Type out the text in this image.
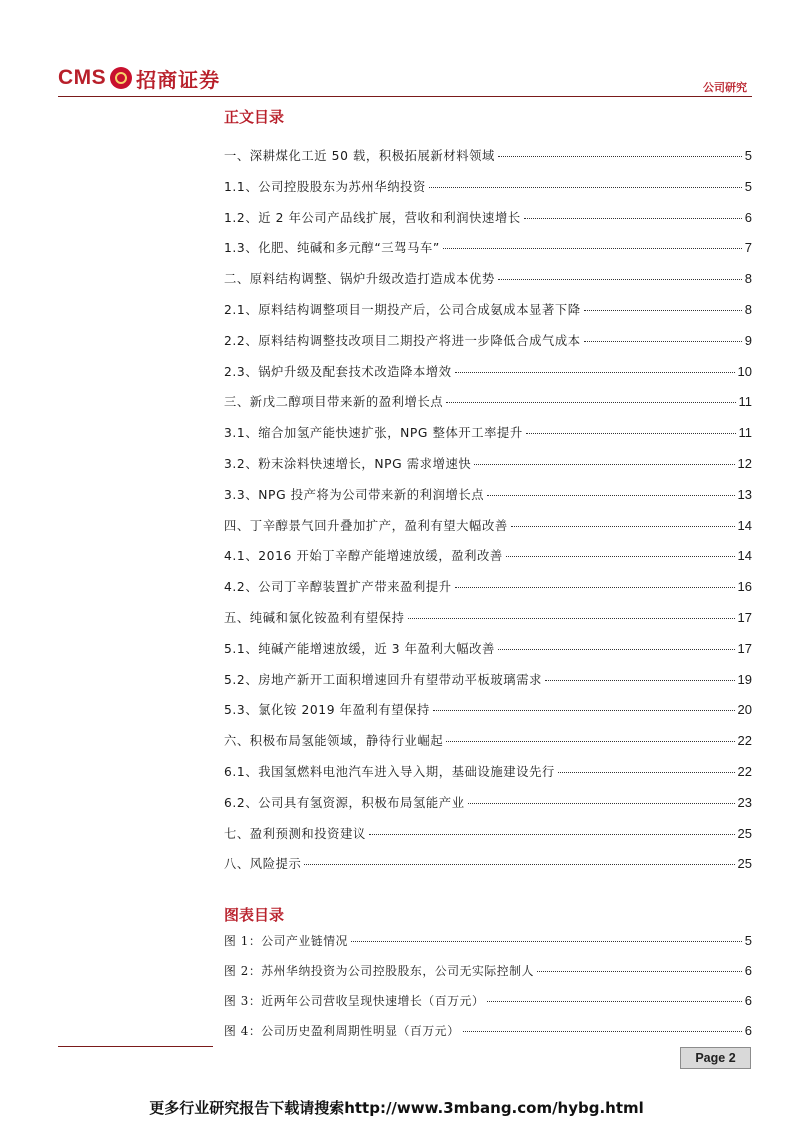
CMS 招商证券	公司研究
正文目录
一、深耕煤化工近 50 载，积极拓展新材料领域	5
1.1、公司控股股东为苏州华纳投资	5
1.2、近 2 年公司产品线扩展，营收和利润快速增长	6
1.3、化肥、纯碱和多元醇“三驾马车”	7
二、原料结构调整、锅炉升级改造打造成本优势	8
2.1、原料结构调整项目一期投产后，公司合成氨成本显著下降	8
2.2、原料结构调整技改项目二期投产将进一步降低合成气成本	9
2.3、锅炉升级及配套技术改造降本增效	10
三、新戊二醇项目带来新的盈利增长点	11
3.1、缩合加氢产能快速扩张，NPG 整体开工率提升	11
3.2、粉末涂料快速增长，NPG 需求增速快	12
3.3、NPG 投产将为公司带来新的利润增长点	13
四、丁辛醇景气回升叠加扩产，盈利有望大幅改善	14
4.1、2016 开始丁辛醇产能增速放缓，盈利改善	14
4.2、公司丁辛醇装置扩产带来盈利提升	16
五、纯碱和氯化铵盈利有望保持	17
5.1、纯碱产能增速放缓，近 3 年盈利大幅改善	17
5.2、房地产新开工面积增速回升有望带动平板玻璃需求	19
5.3、氯化铵 2019 年盈利有望保持	20
六、积极布局氢能领域，静待行业崛起	22
6.1、我国氢燃料电池汽车进入导入期，基础设施建设先行	22
6.2、公司具有氢资源，积极布局氢能产业	23
七、盈利预测和投资建议	25
八、风险提示	25
图表目录
图 1：公司产业链情况	5
图 2：苏州华纳投资为公司控股股东，公司无实际控制人	6
图 3：近两年公司营收呈现快速增长（百万元）	6
图 4：公司历史盈利周期性明显（百万元）	6
Page 2
更多行业研究报告下载请搜索http://www.3mbang.com/hybg.html
